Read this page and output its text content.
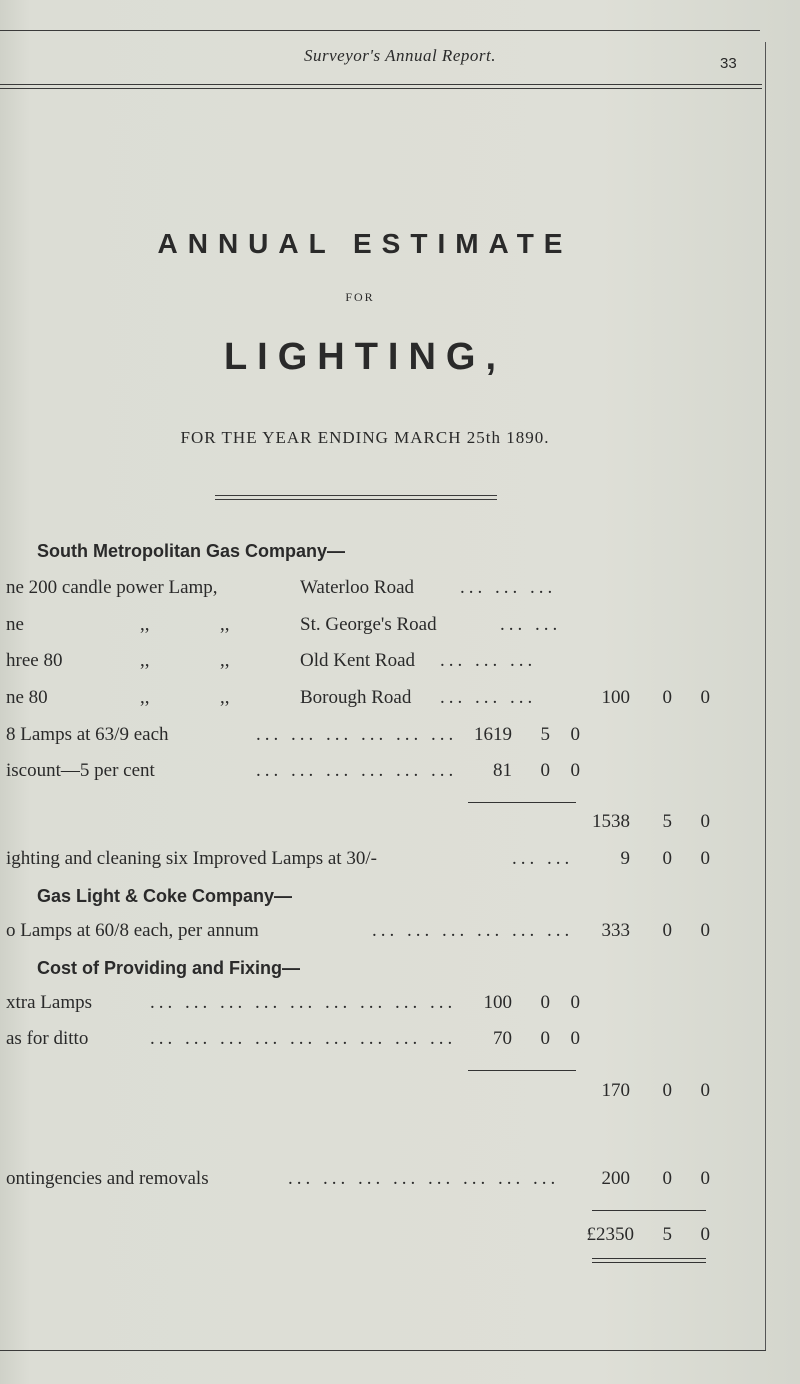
Surveyor's Annual Report.	33
ANNUAL ESTIMATE
FOR
LIGHTING,
FOR THE YEAR ENDING MARCH 25th 1890.
South Metropolitan Gas Company—
ne 200 candle power Lamp,	Waterloo Road ... ... ...
ne	,,	,,	St. George's Road	... ...
hree 80	,,	,,	Old Kent Road ... ... ...
ne 80	,,	,,	Borough Road ... ... ...	100	0	0
8 Lamps at 63/9 each	... ... ... ... ... ... 1619	5	0
iscount—5 per cent	... ... ... ... ... ...	81	0	0
1538	5	0
ighting and cleaning six Improved Lamps at 30/-	... ...	9	0	0
Gas Light & Coke Company—
o Lamps at 60/8 each, per annum	... ... ... ... ... ...	333	0	0
Cost of Providing and Fixing—
xtra Lamps	... ... ... ... ... ... ... ... ...	100	0	0
as for ditto	... ... ... ... ... ... ... ... ...	70	0	0
170	0	0
ontingencies and removals	... ... ... ... ... ... ... ...	200	0	0
£2350	5	0
